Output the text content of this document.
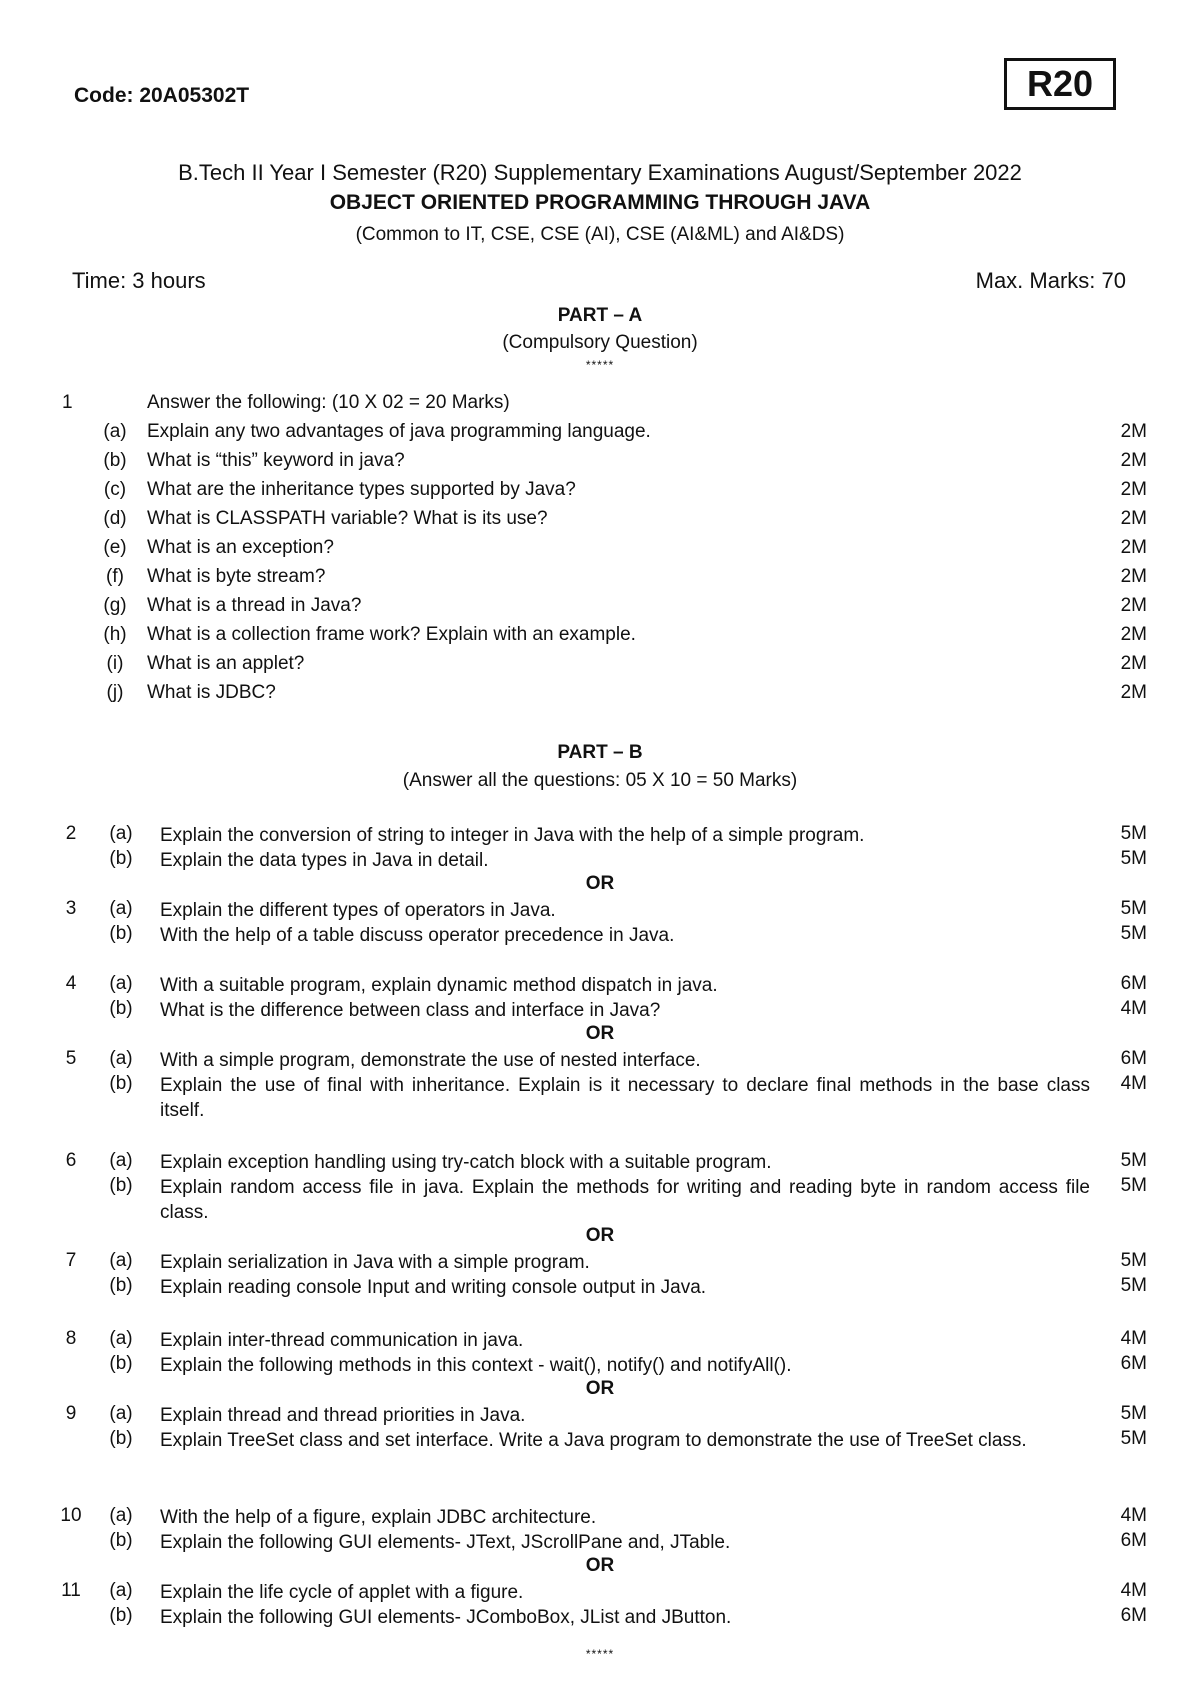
Code: 20A05302T	R20
B.Tech II Year I Semester (R20) Supplementary Examinations August/September 2022
OBJECT ORIENTED PROGRAMMING THROUGH JAVA
(Common to IT, CSE, CSE (AI), CSE (AI&ML) and AI&DS)
Time: 3 hours	Max. Marks: 70
PART – A
(Compulsory Question)
*****
1	Answer the following: (10 X 02 = 20 Marks)
(a) Explain any two advantages of java programming language.	2M
(b) What is “this” keyword in java?	2M
(c)	What are the inheritance types supported by Java?	2M
(d) What is CLASSPATH variable? What is its use?	2M
(e) What is an exception?	2M
(f)	What is byte stream?	2M
(g) What is a thread in Java?	2M
(h) What is a collection frame work? Explain with an example.	2M
(i)	What is an applet?	2M
(j)	What is JDBC?	2M
PART – B
(Answer all the questions: 05 X 10 = 50 Marks)
2	(a) Explain the conversion of string to integer in Java with the help of a simple program.	5M
(b) Explain the data types in Java in detail.	5M
3	(a) Explain the different types of operators in Java.	5M
(b) With the help of a table discuss operator precedence in Java.	5M
4	(a) With a suitable program, explain dynamic method dispatch in java.	6M
(b) What is the difference between class and interface in Java?	4M
5	(a) With a simple program, demonstrate the use of nested interface.	6M
(b) Explain the use of final with inheritance. Explain is it necessary to declare final methods in the base class itself.
4M
6	(a) Explain exception handling using try-catch block with a suitable program.	5M
(b) Explain random access file in java. Explain the methods for writing and reading byte in random access file class.
5M
7	(a) Explain serialization in Java with a simple program.	5M
(b) Explain reading console Input and writing console output in Java.	5M
8	(a) Explain inter-thread communication in java.	4M
(b) Explain the following methods in this context - wait(), notify() and notifyAll().	6M
9	(a) Explain thread and thread priorities in Java.	5M
(b) Explain TreeSet class and set interface. Write a Java program to demonstrate the use of TreeSet class.	5M
10 (a) With the help of a figure, explain JDBC architecture.	4M
(b) Explain the following GUI elements- JText, JScrollPane and, JTable.	6M
11	(a) Explain the life cycle of applet with a figure.	4M
(b) Explain the following GUI elements- JComboBox, JList and JButton.	6M
OR
OR
OR
OR
OR
*****
